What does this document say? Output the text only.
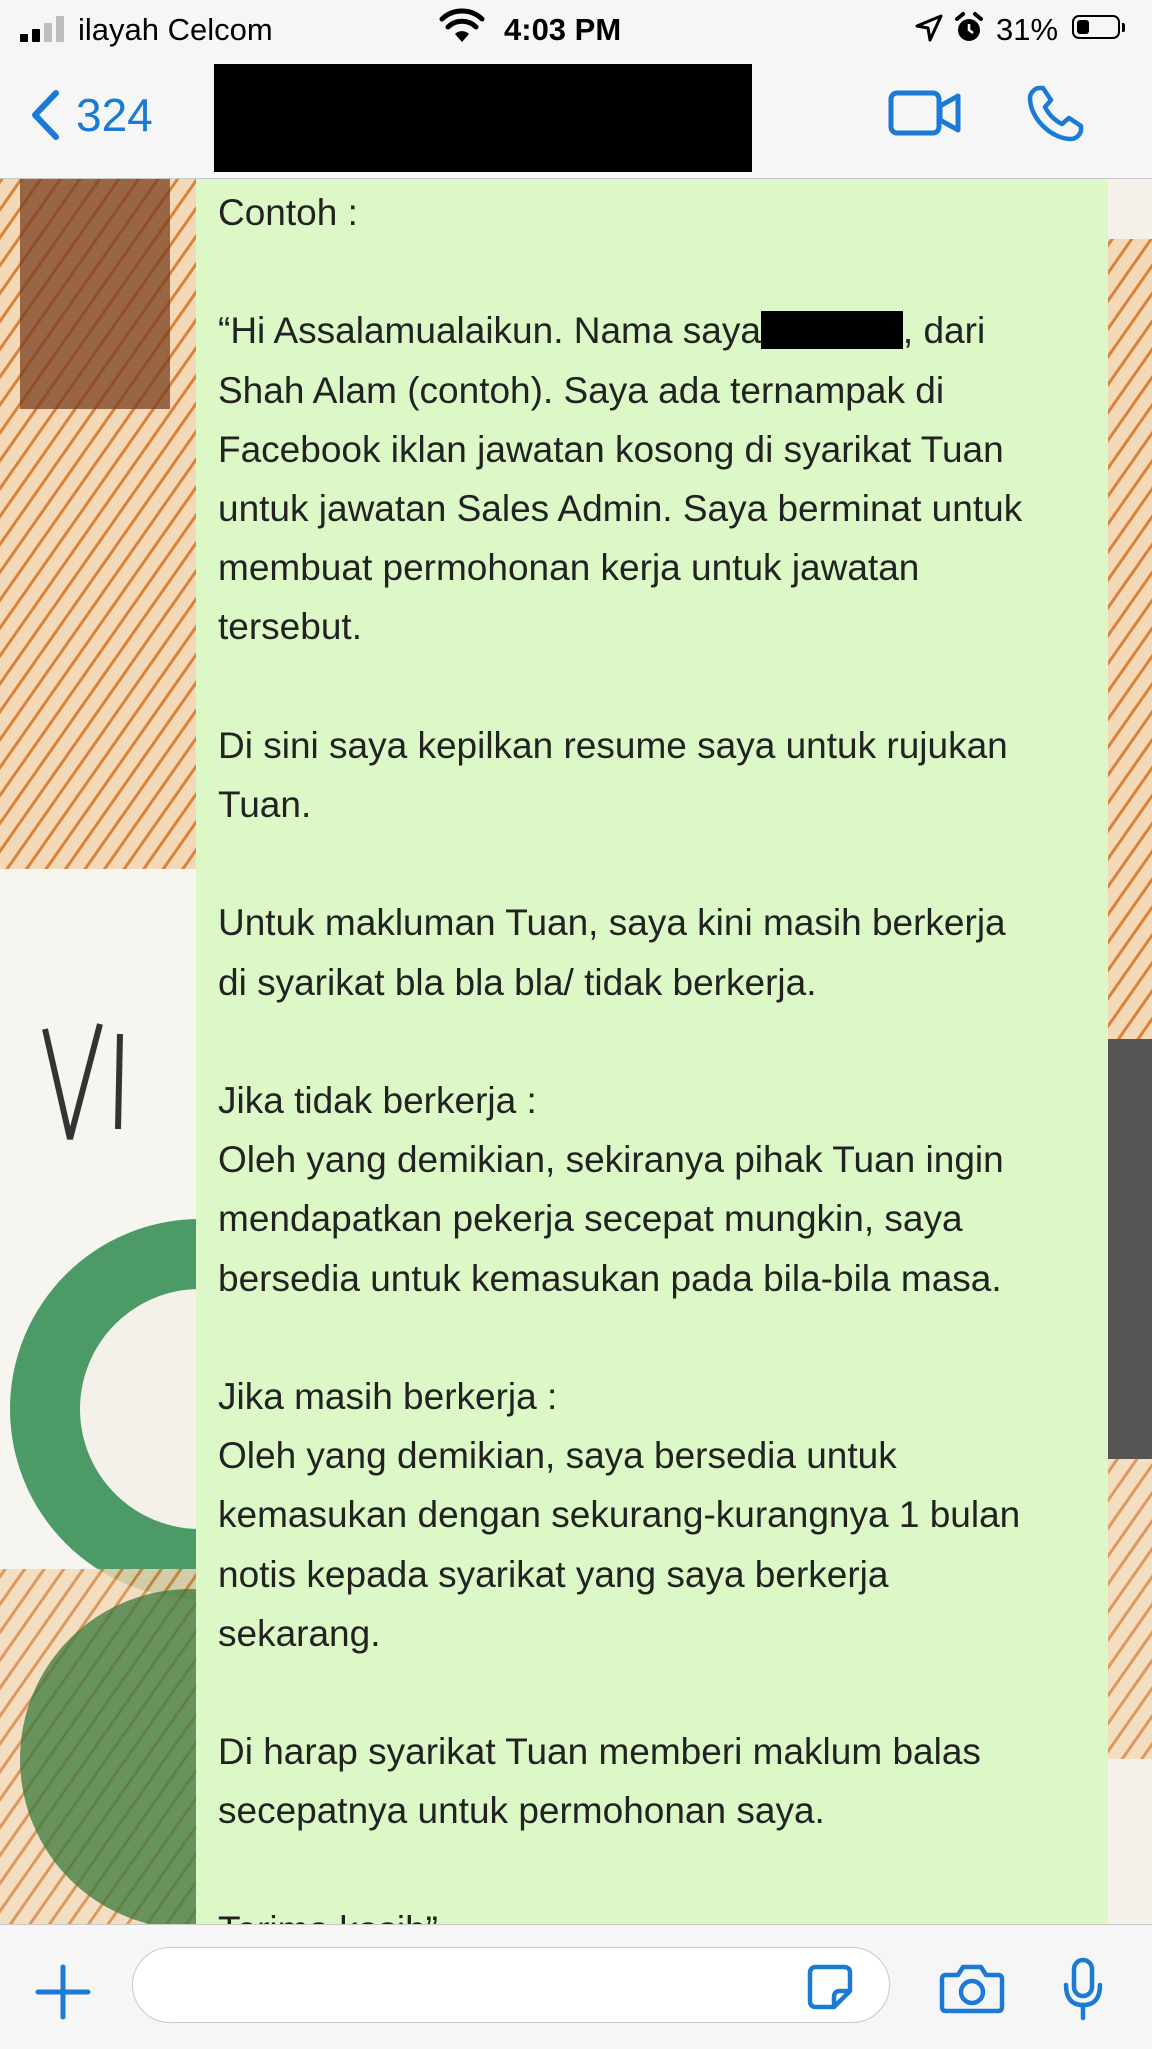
ilayah Celcom	4:03 PM	31%
324
Contoh :
“Hi Assalamualaikun. Nama saya	, dari
Shah Alam (contoh). Saya ada ternampak di
Facebook iklan jawatan kosong di syarikat Tuan
untuk jawatan Sales Admin. Saya berminat untuk
membuat permohonan kerja untuk jawatan
tersebut.
Di sini saya kepilkan resume saya untuk rujukan
Tuan.
Untuk makluman Tuan, saya kini masih berkerja
di syarikat bla bla bla/ tidak berkerja.
Jika tidak berkerja :
Oleh yang demikian, sekiranya pihak Tuan ingin
mendapatkan pekerja secepat mungkin, saya
bersedia untuk kemasukan pada bila-bila masa.
Jika masih berkerja :
Oleh yang demikian, saya bersedia untuk
kemasukan dengan sekurang-kurangnya 1 bulan
notis kepada syarikat yang saya berkerja
sekarang.
Di harap syarikat Tuan memberi maklum balas
secepatnya untuk permohonan saya.
